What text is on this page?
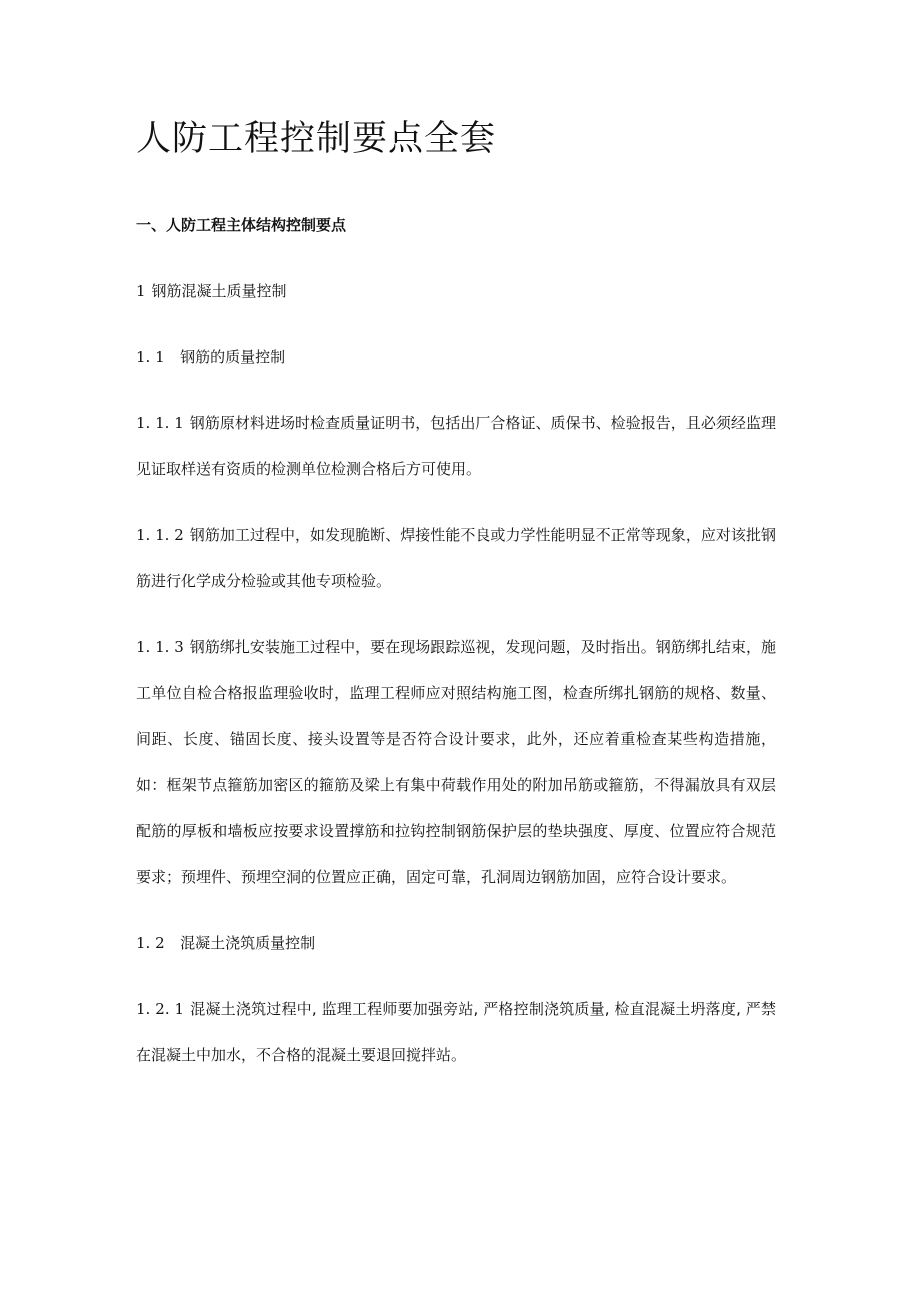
人防工程控制要点全套

一、人防工程主体结构控制要点

1 钢筋混凝土质量控制

1. 1 钢筋的质量控制

1. 1. 1 钢筋原材料进场时检查质量证明书，包括出厂合格证、质保书、检验报告，且必须经监理见证取样送有资质的检测单位检测合格后方可使用。

1. 1. 2 钢筋加工过程中，如发现脆断、焊接性能不良或力学性能明显不正常等现象，应对该批钢筋进行化学成分检验或其他专项检验。

1. 1. 3 钢筋绑扎安装施工过程中，要在现场跟踪巡视，发现问题，及时指出。钢筋绑扎结束，施工单位自检合格报监理验收时，监理工程师应对照结构施工图，检查所绑扎钢筋的规格、数量、间距、长度、锚固长度、接头设置等是否符合设计要求，此外，还应着重检查某些构造措施，如：框架节点箍筋加密区的箍筋及梁上有集中荷载作用处的附加吊筋或箍筋，不得漏放具有双层配筋的厚板和墙板应按要求设置撑筋和拉钩控制钢筋保护层的垫块强度、厚度、位置应符合规范要求；预埋件、预埋空洞的位置应正确，固定可靠，孔洞周边钢筋加固，应符合设计要求。

1. 2 混凝土浇筑质量控制

1. 2. 1 混凝土浇筑过程中, 监理工程师要加强旁站, 严格控制浇筑质量, 检直混凝土坍落度, 严禁在混凝土中加水，不合格的混凝土要退回搅拌站。
